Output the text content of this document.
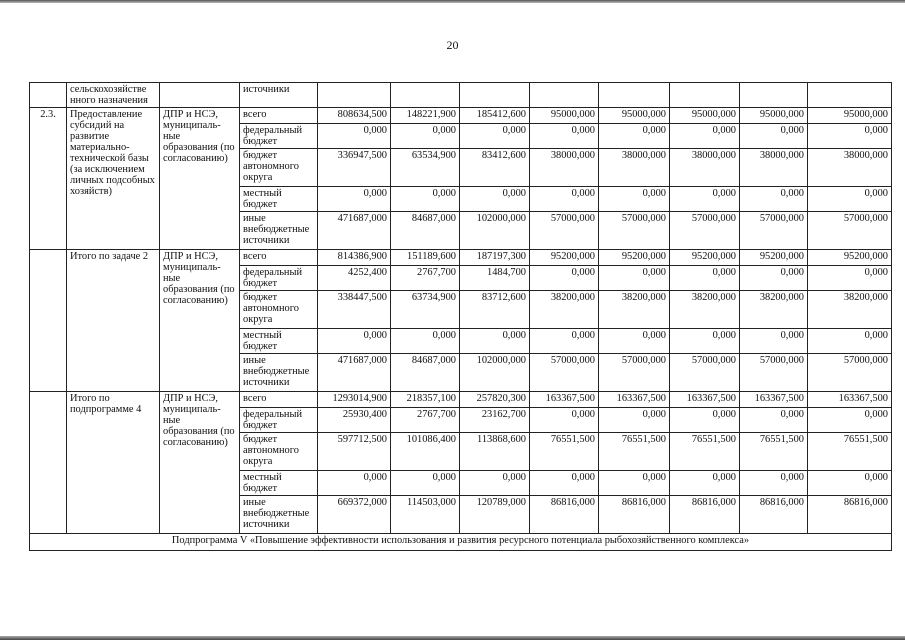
20
	сельскохозяйстве нного назначения		источники								
2.3.	Предоставление субсидий на развитие материально-технической базы (за исключением личных подсобных хозяйств)	ДПР и НСЭ, муниципаль-ные образования (по согласованию)	всего	808634,500	148221,900	185412,600	95000,000	95000,000	95000,000	95000,000	95000,000
			федеральный бюджет	0,000	0,000	0,000	0,000	0,000	0,000	0,000	0,000
			бюджет автономного округа	336947,500	63534,900	83412,600	38000,000	38000,000	38000,000	38000,000	38000,000
			местный бюджет	0,000	0,000	0,000	0,000	0,000	0,000	0,000	0,000
			иные внебюджетные источники	471687,000	84687,000	102000,000	57000,000	57000,000	57000,000	57000,000	57000,000
	Итого по задаче 2	ДПР и НСЭ, муниципаль-ные образования (по согласованию)	всего	814386,900	151189,600	187197,300	95200,000	95200,000	95200,000	95200,000	95200,000
			федеральный бюджет	4252,400	2767,700	1484,700	0,000	0,000	0,000	0,000	0,000
			бюджет автономного округа	338447,500	63734,900	83712,600	38200,000	38200,000	38200,000	38200,000	38200,000
			местный бюджет	0,000	0,000	0,000	0,000	0,000	0,000	0,000	0,000
			иные внебюджетные источники	471687,000	84687,000	102000,000	57000,000	57000,000	57000,000	57000,000	57000,000
	Итого по подпрограмме 4	ДПР и НСЭ, муниципаль-ные образования (по согласованию)	всего	1293014,900	218357,100	257820,300	163367,500	163367,500	163367,500	163367,500	163367,500
			федеральный бюджет	25930,400	2767,700	23162,700	0,000	0,000	0,000	0,000	0,000
			бюджет автономного округа	597712,500	101086,400	113868,600	76551,500	76551,500	76551,500	76551,500	76551,500
			местный бюджет	0,000	0,000	0,000	0,000	0,000	0,000	0,000	0,000
			иные внебюджетные источники	669372,000	114503,000	120789,000	86816,000	86816,000	86816,000	86816,000	86816,000
Подпрограмма V «Повышение эффективности использования и развития ресурсного потенциала рыбохозяйственного комплекса»											
